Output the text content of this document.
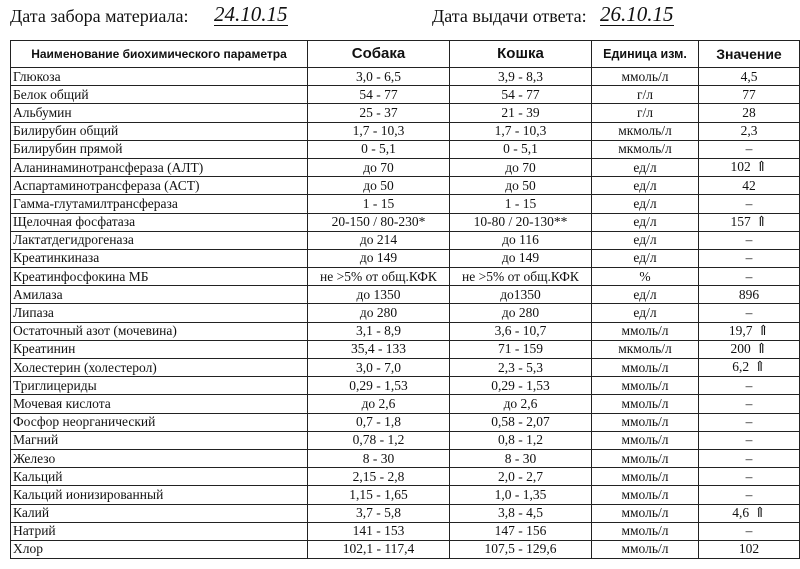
Дата забора материала: 24.10.15	Дата выдачи ответа: 26.10.15
Наименование биохимического параметра	Собака	Кошка	Единица изм.	Значение
Глюкоза	3,0 - 6,5	3,9 - 8,3	ммоль/л	4,5
Белок общий	54 - 77	54 - 77	г/л	77
Альбумин	25 - 37	21 - 39	г/л	28
Билирубин общий	1,7 - 10,3	1,7 - 10,3	мкмоль/л	2,3
Билирубин прямой	0 - 5,1	0 - 5,1	мкмоль/л	–
Аланинаминотрансфераза (АЛТ)	до 70	до 70	ед/л	102 ⇑
Аспартаминотрансфераза (АСТ)	до 50	до 50	ед/л	42
Гамма-глутамилтрансфераза	1 - 15	1 - 15	ед/л	–
Щелочная фосфатаза	20-150 / 80-230*	10-80 / 20-130**	ед/л	157 ⇑
Лактатдегидрогеназа	до 214	до 116	ед/л	–
Креатинкиназа	до 149	до 149	ед/л	–
Креатинфосфокина МБ	не >5% от общ.КФК	не >5% от общ.КФК	%	–
Амилаза	до 1350	до1350	ед/л	896
Липаза	до 280	до 280	ед/л	–
Остаточный азот (мочевина)	3,1 - 8,9	3,6 - 10,7	ммоль/л	19,7 ⇑
Креатинин	35,4 - 133	71 - 159	мкмоль/л	200 ⇑
Холестерин (холестерол)	3,0 - 7,0	2,3 - 5,3	ммоль/л	6,2 ⇑
Триглицериды	0,29 - 1,53	0,29 - 1,53	ммоль/л	–
Мочевая кислота	до 2,6	до 2,6	ммоль/л	–
Фосфор неорганический	0,7 - 1,8	0,58 - 2,07	ммоль/л	–
Магний	0,78 - 1,2	0,8 - 1,2	ммоль/л	–
Железо	8 - 30	8 - 30	ммоль/л	–
Кальций	2,15 - 2,8	2,0 - 2,7	ммоль/л	–
Кальций ионизированный	1,15 - 1,65	1,0 - 1,35	ммоль/л	–
Калий	3,7 - 5,8	3,8 - 4,5	ммоль/л	4,6 ⇑
Натрий	141 - 153	147 - 156	ммоль/л	–
Хлор	102,1 - 117,4	107,5 - 129,6	ммоль/л	102
